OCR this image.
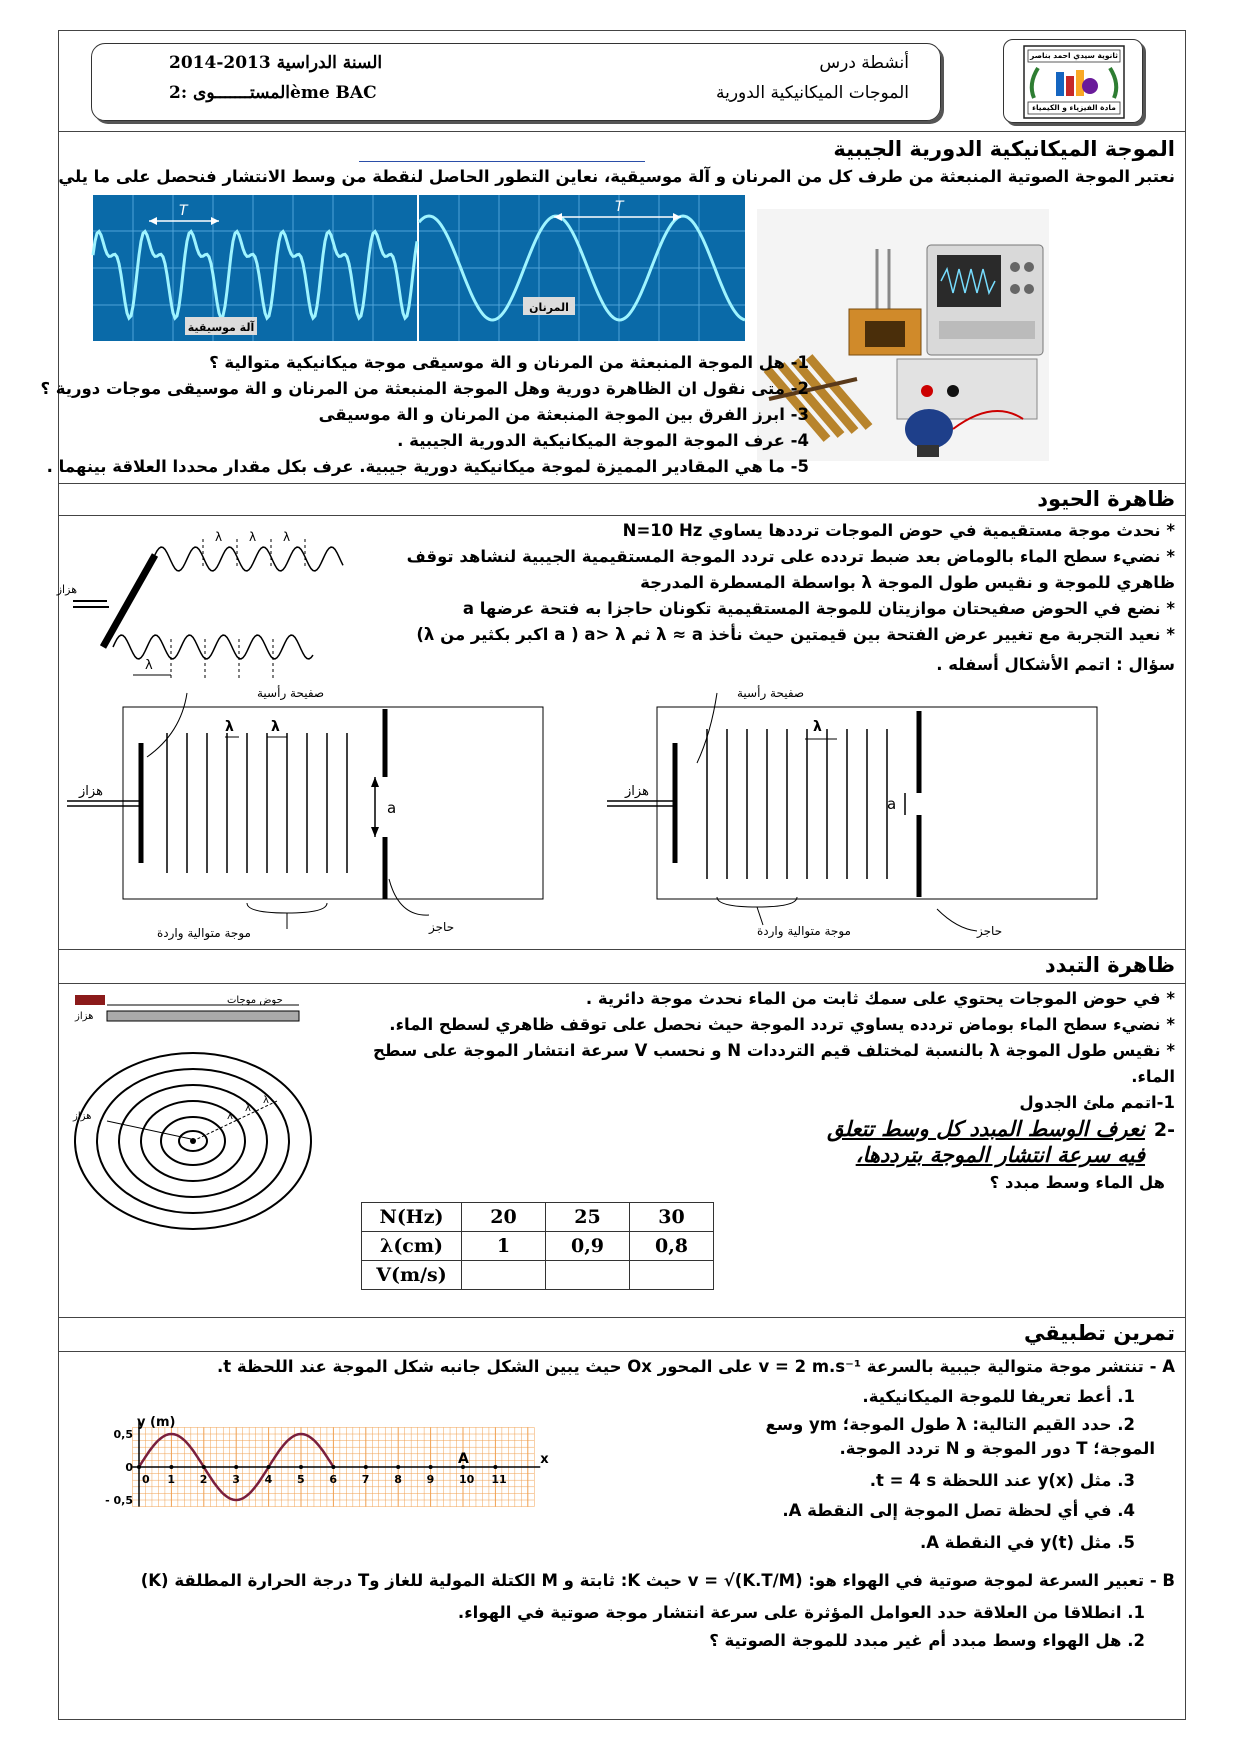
السنة الدراسية 2013-2014
المستـــــــوى :2ème BAC
أنشطة درس
الموجات الميكانيكية الدورية
ثانوية سيدي احمد بناصر
مادة الفيزياء و الكيمياء
الموجة الميكانيكية الدورية الجيبية
نعتبر الموجة الصوتية المنبعثة من طرف كل من المرنان و آلة موسيقية، نعاين التطور الحاصل لنقطة من وسط الانتشار فنحصل على ما يلي
T
آلة موسيقية
T
المرنان
1- هل الموجة المنبعثة من المرنان و الة موسيقى موجة ميكانيكية متوالية ؟
2- متى نقول ان الظاهرة دورية وهل الموجة المنبعثة من المرنان و الة موسيقى موجات دورية ؟
3- ابرز الفرق بين الموجة المنبعثة من المرنان و الة موسيقى
4- عرف الموجة الموجة الميكانيكية الدورية الجيبية .
5- ما هي المقادير المميزة لموجة ميكانيكية دورية جيبية. عرف بكل مقدار محددا العلاقة بينهما .
ظاهرة الحيود
* نحدث موجة مستقيمية في حوض الموجات ترددها يساوي N=10 Hz
* نضيء سطح الماء بالوماض بعد ضبط تردده على تردد الموجة المستقيمية الجيبية لنشاهد توقف
ظاهري للموجة و نقيس طول الموجة λ بواسطة المسطرة المدرجة
* نضع في الحوض صفيحتان موازيتان للموجة المستقيمية تكونان حاجزا به فتحة عرضها a
* نعيد التجربة مع تغيير عرض الفتحة بين قيمتين حيث نأخذ λ ≈ a ثم a> λ ( a اكبر بكثير من λ)
سؤال : اتمم الأشكال أسفله .
هزاز
λ
λ λ λ
a
هزاز
صفيحة رأسية
λ	λ
موجة متوالية واردة	حاجز
a
هزاز
صفيحة رأسية
λ
موجة متوالية واردة	حاجز
ظاهرة التبدد
* في حوض الموجات يحتوي على سمك ثابت من الماء نحدث موجة دائرية .
* نضيء سطح الماء بوماض تردده يساوي تردد الموجة حيث نحصل على توقف ظاهري لسطح الماء.
* نقيس طول الموجة λ بالنسبة لمختلف قيم الترددات N و نحسب V سرعة انتشار الموجة على سطح
الماء.
1-اتمم ملئ الجدول
-2
نعرف الوسط المبدد كل وسط تتعلق
فيه سرعة انتشار الموجة بترددها،
هل الماء وسط مبدد ؟
حوض موجات
هزاز
هزاز	λ
λ
λ
N(Hz)	20	25	30
λ(cm)	1	0,9	0,8
V(m/s)			
تمرين تطبيقي
A - تنتشر موجة متوالية جيبية بالسرعة v = 2 m.s⁻¹ على المحور Ox حيث يبين الشكل جانبه شكل الموجة عند اللحظة t.
1. أعط تعريفا للموجة الميكانيكية.
2. حدد القيم التالية: λ طول الموجة؛ ym وسع
الموجة؛ T دور الموجة و N تردد الموجة.
3. مثل y(x) عند اللحظة t = 4 s.
4. في أي لحظة تصل الموجة إلى النقطة A.
5. مثل y(t) في النقطة A.
0 1 2 3 4 5 6 7 8 9 10 11
0,5
0
- 0,5
y (m)
x
A
B - تعبير السرعة لموجة صوتية في الهواء هو: v = √(K.T/M) حيث K: ثابتة و M الكتلة المولية للغاز وT درجة الحرارة المطلقة (K)
1. انطلاقا من العلاقة حدد العوامل المؤثرة على سرعة انتشار موجة صوتية في الهواء.
2. هل الهواء وسط مبدد أم غير مبدد للموجة الصوتية ؟
